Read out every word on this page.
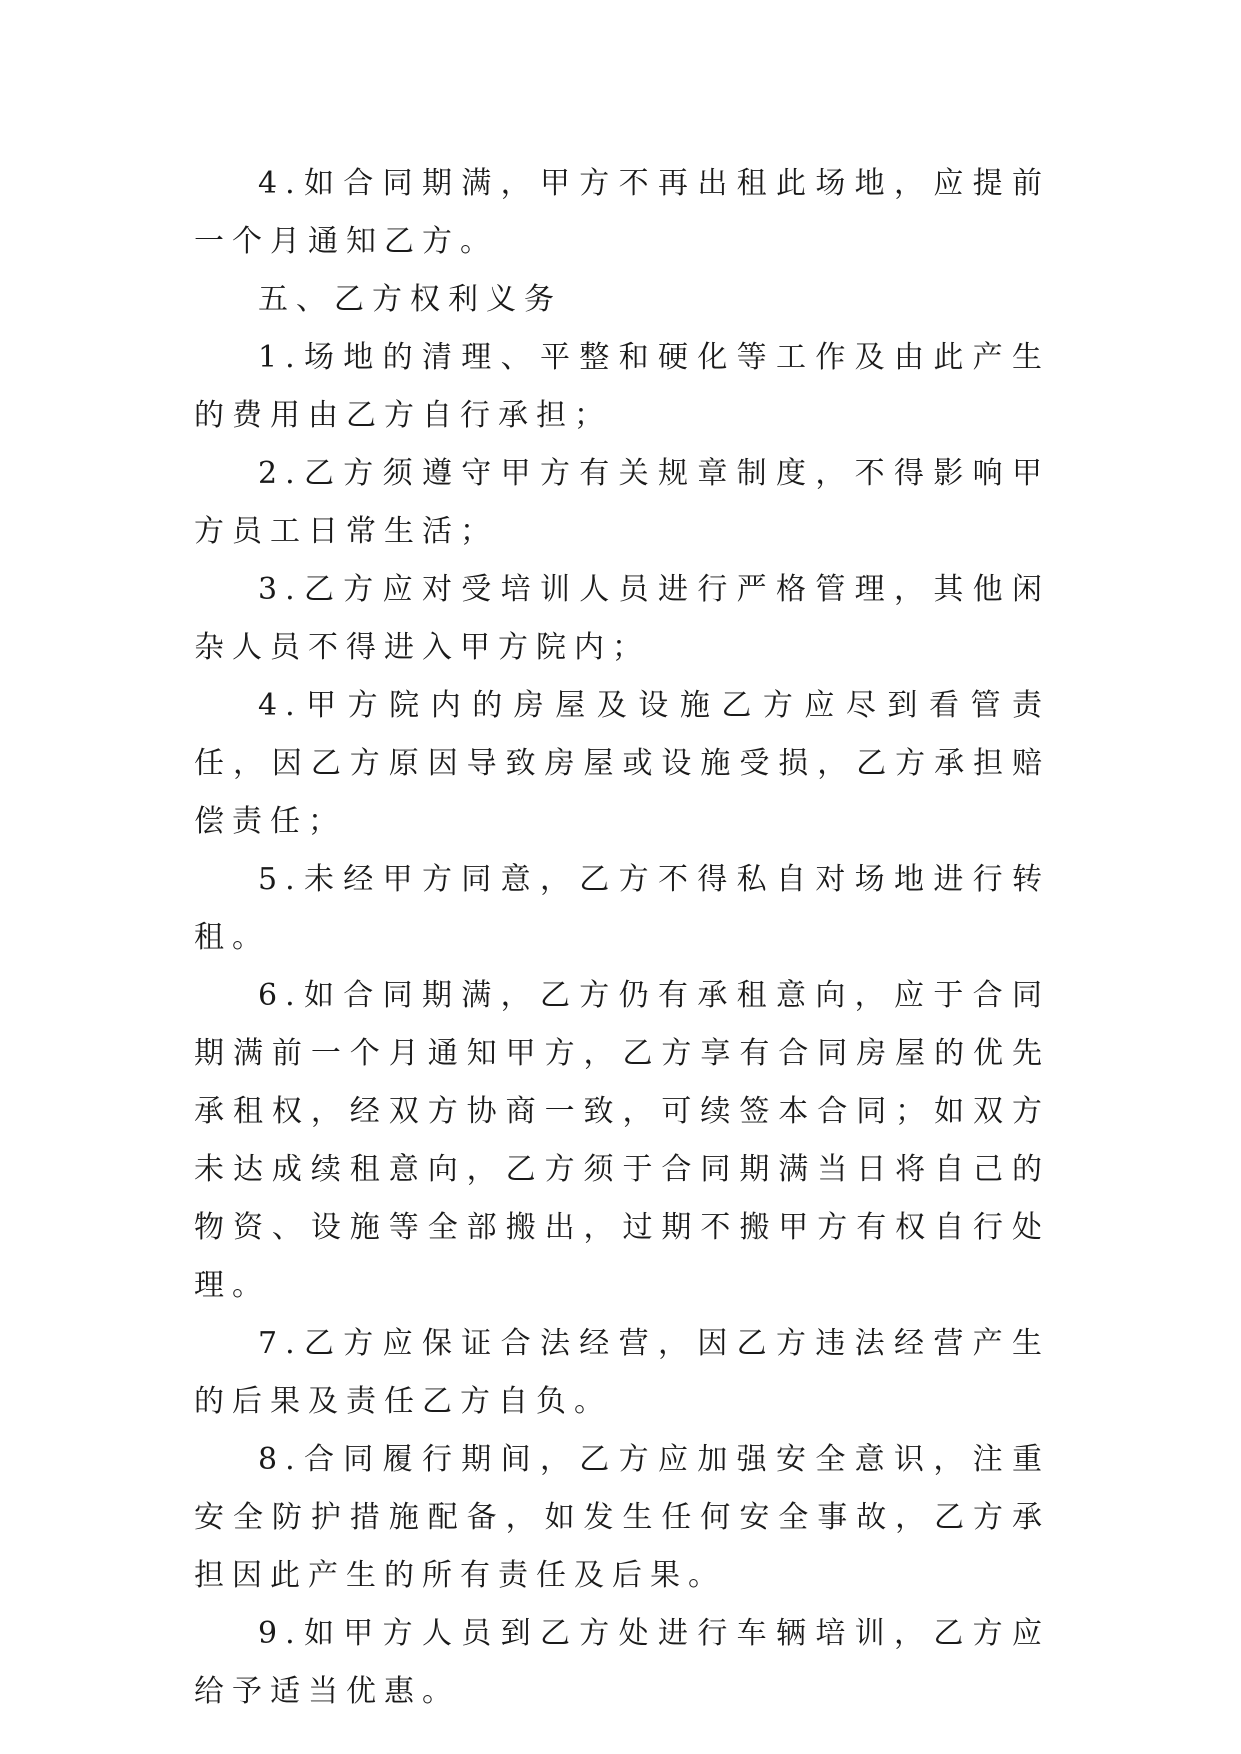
4.如合同期满，甲方不再出租此场地，应提前一个月通知乙方。

五、乙方权利义务

1.场地的清理、平整和硬化等工作及由此产生的费用由乙方自行承担；

2.乙方须遵守甲方有关规章制度，不得影响甲方员工日常生活；

3.乙方应对受培训人员进行严格管理，其他闲杂人员不得进入甲方院内；

4.甲方院内的房屋及设施乙方应尽到看管责任，因乙方原因导致房屋或设施受损，乙方承担赔偿责任；

5.未经甲方同意，乙方不得私自对场地进行转租。

6.如合同期满，乙方仍有承租意向，应于合同期满前一个月通知甲方，乙方享有合同房屋的优先承租权，经双方协商一致，可续签本合同；如双方未达成续租意向，乙方须于合同期满当日将自己的物资、设施等全部搬出，过期不搬甲方有权自行处理。

7.乙方应保证合法经营，因乙方违法经营产生的后果及责任乙方自负。

8.合同履行期间，乙方应加强安全意识，注重安全防护措施配备，如发生任何安全事故，乙方承担因此产生的所有责任及后果。

9.如甲方人员到乙方处进行车辆培训，乙方应给予适当优惠。
